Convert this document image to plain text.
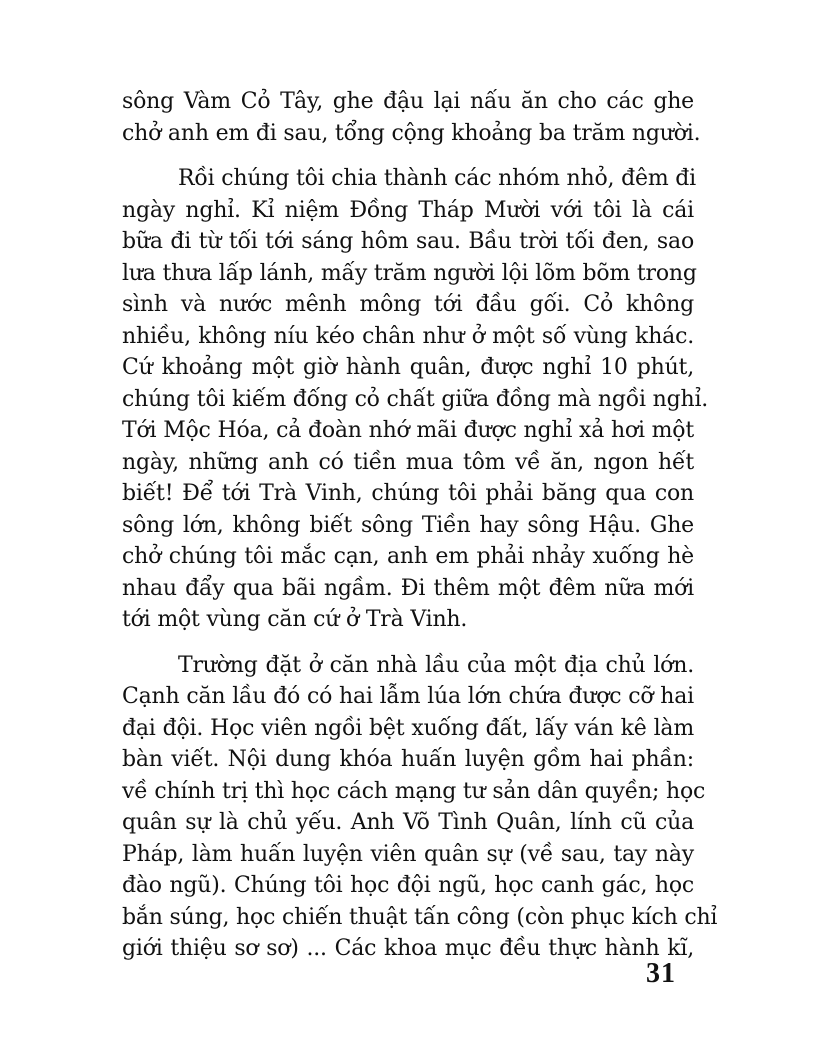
sông Vàm Cỏ Tây, ghe đậu lại nấu ăn cho các ghe
chở anh em đi sau, tổng cộng khoảng ba trăm người.
Rồi chúng tôi chia thành các nhóm nhỏ, đêm đi
ngày nghỉ. Kỉ niệm Đồng Tháp Mười với tôi là cái
bữa đi từ tối tới sáng hôm sau. Bầu trời tối đen, sao
lưa thưa lấp lánh, mấy trăm người lội lõm bõm trong
sình và nước mênh mông tới đầu gối. Cỏ không
nhiều, không níu kéo chân như ở một số vùng khác.
Cứ khoảng một giờ hành quân, được nghỉ 10 phút,
chúng tôi kiếm đống cỏ chất giữa đồng mà ngồi nghỉ.
Tới Mộc Hóa, cả đoàn nhớ mãi được nghỉ xả hơi một
ngày, những anh có tiền mua tôm về ăn, ngon hết
biết! Để tới Trà Vinh, chúng tôi phải băng qua con
sông lớn, không biết sông Tiền hay sông Hậu. Ghe
chở chúng tôi mắc cạn, anh em phải nhảy xuống hè
nhau đẩy qua bãi ngầm. Đi thêm một đêm nữa mới
tới một vùng căn cứ ở Trà Vinh.
Trường đặt ở căn nhà lầu của một địa chủ lớn.
Cạnh căn lầu đó có hai lẫm lúa lớn chứa được cỡ hai
đại đội. Học viên ngồi bệt xuống đất, lấy ván kê làm
bàn viết. Nội dung khóa huấn luyện gồm hai phần:
về chính trị thì học cách mạng tư sản dân quyền; học
quân sự là chủ yếu. Anh Võ Tình Quân, lính cũ của
Pháp, làm huấn luyện viên quân sự (về sau, tay này
đào ngũ). Chúng tôi học đội ngũ, học canh gác, học
bắn súng, học chiến thuật tấn công (còn phục kích chỉ
giới thiệu sơ sơ) ... Các khoa mục đều thực hành kĩ,
31
